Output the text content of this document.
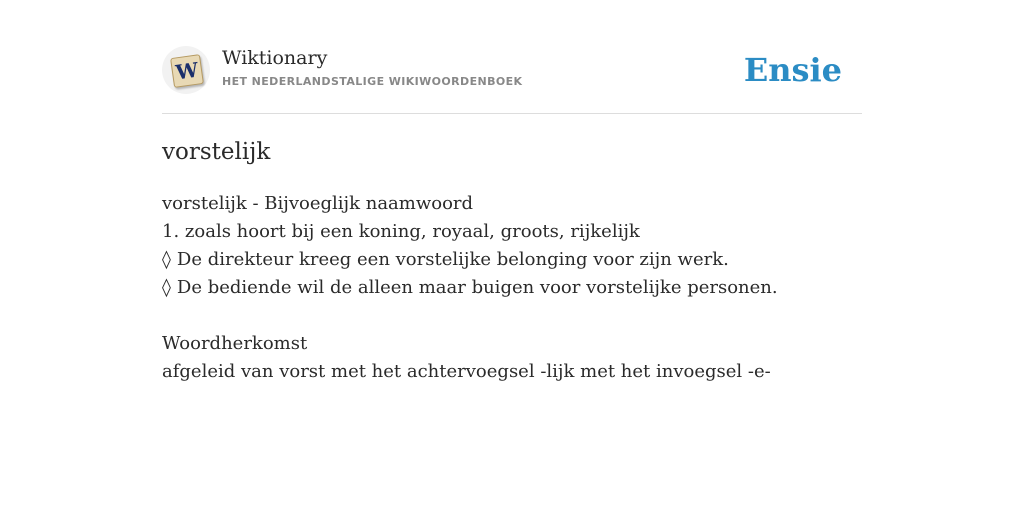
W Wiktionary

HET NEDERLANDSTALIGE WIKIWOORDENBOEK	Ensie
vorstelijk
vorstelijk - Bijvoeglijk naamwoord
1. zoals hoort bij een koning, royaal, groots, rijkelijk
◊ De direkteur kreeg een vorstelijke belonging voor zijn werk.
◊ De bediende wil de alleen maar buigen voor vorstelijke personen.
Woordherkomst
afgeleid van vorst met het achtervoegsel -lijk met het invoegsel -e-
